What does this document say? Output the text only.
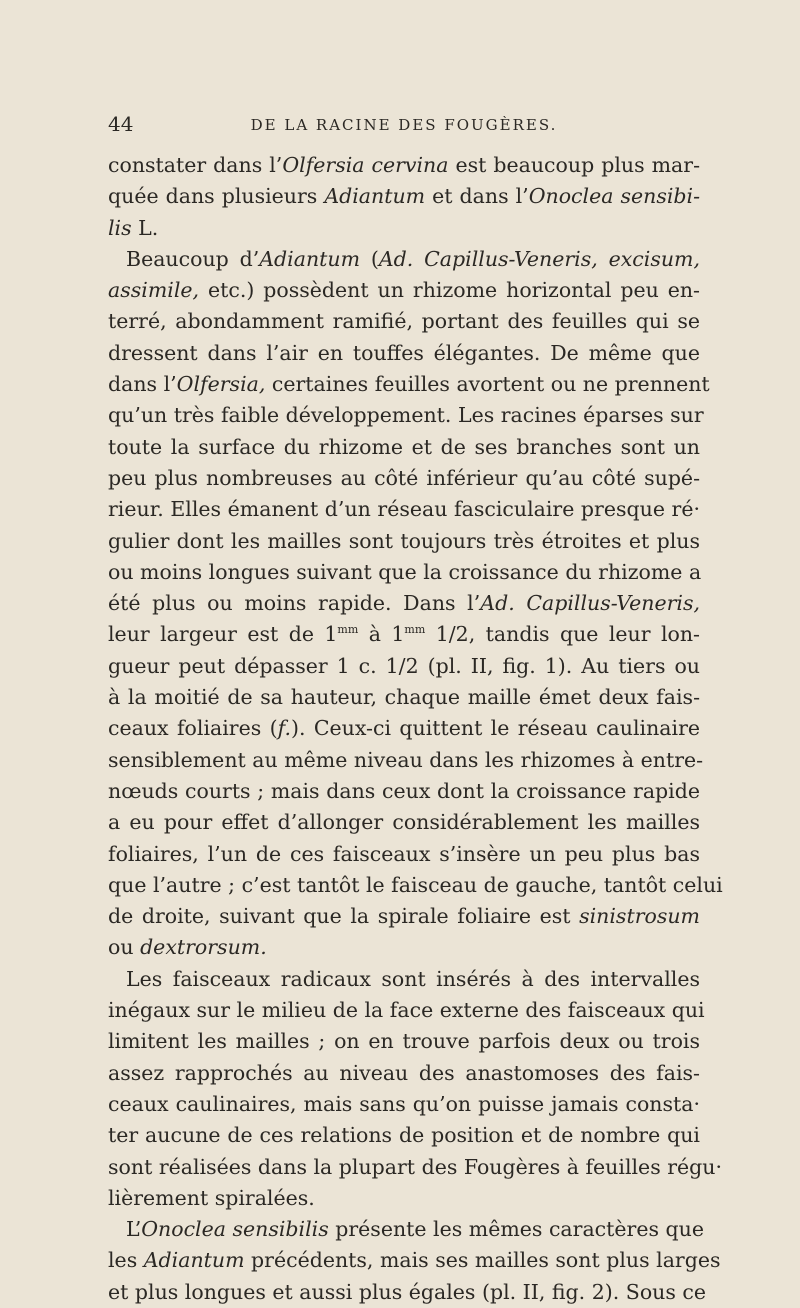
44	DE LA RACINE DES FOUGÈRES.
constater dans l’Olfersia cervina est beaucoup plus mar-
quée dans plusieurs Adiantum et dans l’Onoclea sensibi-
lis L.
Beaucoup d’Adiantum (Ad. Capillus-Veneris, excisum,
assimile, etc.) possèdent un rhizome horizontal peu en-
terré, abondamment ramifié, portant des feuilles qui se
dressent dans l’air en touffes élégantes. De même que
dans l’Olfersia, certaines feuilles avortent ou ne prennent
qu’un très faible développement. Les racines éparses sur
toute la surface du rhizome et de ses branches sont un
peu plus nombreuses au côté inférieur qu’au côté supé-
rieur. Elles émanent d’un réseau fasciculaire presque ré·
gulier dont les mailles sont toujours très étroites et plus
ou moins longues suivant que la croissance du rhizome a
été plus ou moins rapide. Dans l’Ad. Capillus-Veneris,
leur largeur est de $1^{mm}$ à $1^{mm}$ 1/2, tandis que leur lon-
gueur peut dépasser 1 c. 1/2 (pl. II, fig. 1). Au tiers ou
à la moitié de sa hauteur, chaque maille émet deux fais-
ceaux foliaires (f.). Ceux-ci quittent le réseau caulinaire
sensiblement au même niveau dans les rhizomes à entre-
nœuds courts ; mais dans ceux dont la croissance rapide
a eu pour effet d’allonger considérablement les mailles
foliaires, l’un de ces faisceaux s’insère un peu plus bas
que l’autre ; c’est tantôt le faisceau de gauche, tantôt celui
de droite, suivant que la spirale foliaire est sinistrosum
ou dextrorsum.
Les faisceaux radicaux sont insérés à des intervalles
inégaux sur le milieu de la face externe des faisceaux qui
limitent les mailles ; on en trouve parfois deux ou trois
assez rapprochés au niveau des anastomoses des fais-
ceaux caulinaires, mais sans qu’on puisse jamais consta·
ter aucune de ces relations de position et de nombre qui
sont réalisées dans la plupart des Fougères à feuilles régu·
lièrement spiralées.
L’Onoclea sensibilis présente les mêmes caractères que
les Adiantum précédents, mais ses mailles sont plus larges
et plus longues et aussi plus égales (pl. II, fig. 2). Sous ce
